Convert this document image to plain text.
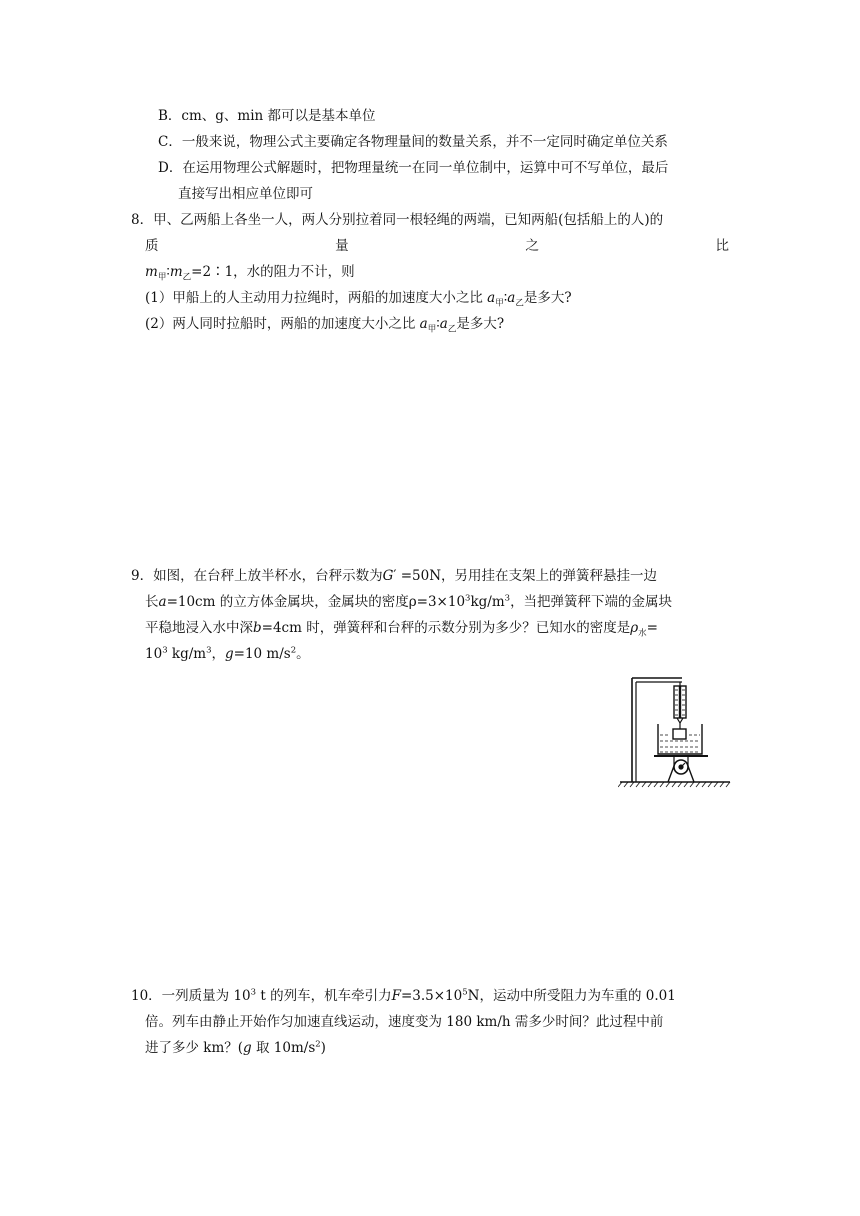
B．cm、g、min 都可以是基本单位
C．一般来说，物理公式主要确定各物理量间的数量关系，并不一定同时确定单位关系
D．在运用物理公式解题时，把物理量统一在同一单位制中，运算中可不写单位，最后
直接写出相应单位即可
8．甲、乙两船上各坐一人，两人分别拉着同一根轻绳的两端，已知两船(包括船上的人)的
质	量	之	比
$m_甲∶m_乙=2∶1$，水的阻力不计，则
(1）甲船上的人主动用力拉绳时，两船的加速度大小之比 $a_甲∶a_乙$是多大?
(2）两人同时拉船时，两船的加速度大小之比 $a_甲∶a_乙$是多大?
9．如图，在台秤上放半杯水，台秤示数为G′ =50N，另用挂在支架上的弹簧秤悬挂一边
长a=10cm 的立方体金属块，金属块的密度$\rho=3\times 10^3kg/m^3$，当把弹簧秤下端的金属块
平稳地浸入水中深b=4cm 时，弹簧秤和台秤的示数分别为多少？已知水的密度是$\rho_水=$
$10^3$ $kg/m^3$，g=10 $m/s^2$。
10．一列质量为 $10^3$ t 的列车，机车牵引力$F=3.5\times 10^5N$，运动中所受阻力为车重的 0.01
倍。列车由静止开始作匀加速直线运动，速度变为 180 km/h 需多少时间？此过程中前
进了多少 km？(g 取 $10m/s^2$)
